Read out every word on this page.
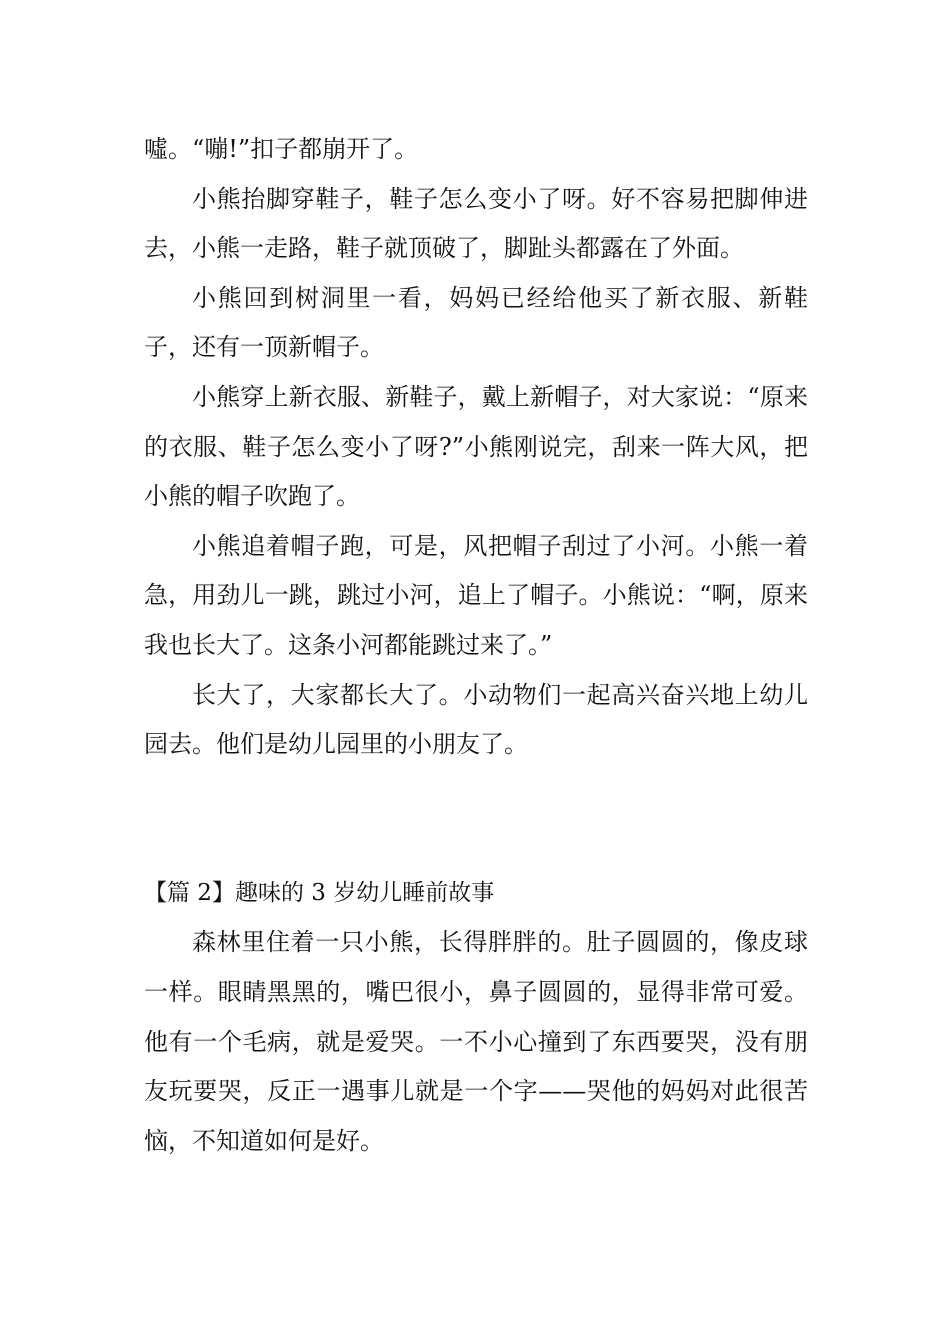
噓。“嘣!”扣子都崩开了。

小熊抬脚穿鞋子，鞋子怎么变小了呀。好不容易把脚伸进去，小熊一走路，鞋子就顶破了，脚趾头都露在了外面。

小熊回到树洞里一看，妈妈已经给他买了新衣服、新鞋子，还有一顶新帽子。

小熊穿上新衣服、新鞋子，戴上新帽子，对大家说：“原来的衣服、鞋子怎么变小了呀?”小熊刚说完，刮来一阵大风，把小熊的帽子吹跑了。

小熊追着帽子跑，可是，风把帽子刮过了小河。小熊一着急，用劲儿一跳，跳过小河，追上了帽子。小熊说：“啊，原来我也长大了。这条小河都能跳过来了。”

长大了，大家都长大了。小动物们一起高兴奋兴地上幼儿园去。他们是幼儿园里的小朋友了。

【篇 2】趣味的 3 岁幼儿睡前故事

森林里住着一只小熊，长得胖胖的。肚子圆圆的，像皮球一样。眼睛黑黑的，嘴巴很小，鼻子圆圆的，显得非常可爱。他有一个毛病，就是爱哭。一不小心撞到了东西要哭，没有朋友玩要哭，反正一遇事儿就是一个字——哭他的妈妈对此很苦恼，不知道如何是好。
